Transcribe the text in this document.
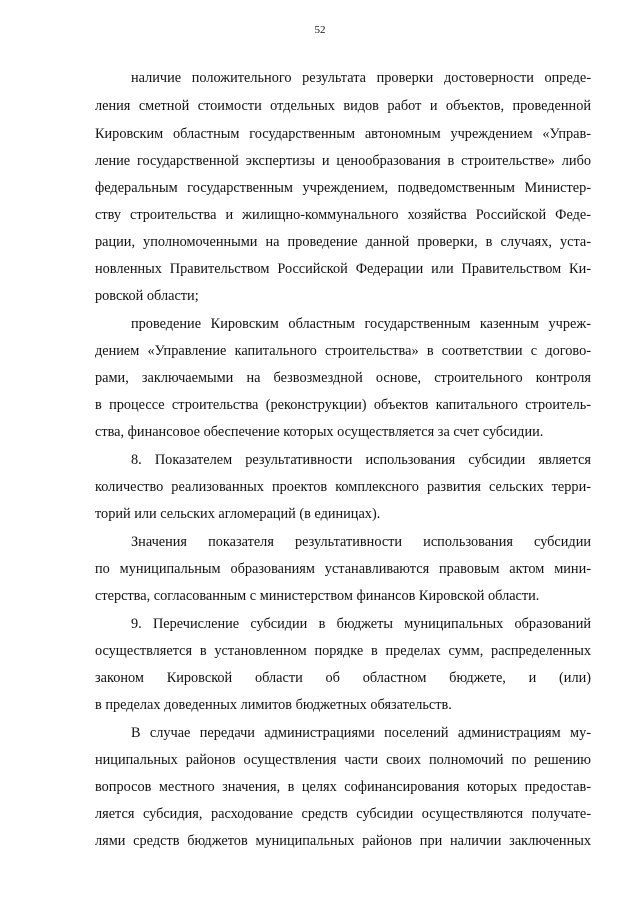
52
наличие положительного результата проверки достоверности опреде-
ления сметной стоимости отдельных видов работ и объектов, проведенной
Кировским областным государственным автономным учреждением «Управ-
ление государственной экспертизы и ценообразования в строительстве» либо
федеральным государственным учреждением, подведомственным Министер-
ству строительства и жилищно-коммунального хозяйства Российской Феде-
рации, уполномоченными на проведение данной проверки, в случаях, уста-
новленных Правительством Российской Федерации или Правительством Ки-
ровской области;
проведение Кировским областным государственным казенным учреж-
дением «Управление капитального строительства» в соответствии с догово-
рами, заключаемыми на безвозмездной основе, строительного контроля
в процессе строительства (реконструкции) объектов капитального строитель-
ства, финансовое обеспечение которых осуществляется за счет субсидии.
8. Показателем результативности использования субсидии является
количество реализованных проектов комплексного развития сельских терри-
торий или сельских агломераций (в единицах).
Значения показателя результативности использования субсидии
по муниципальным образованиям устанавливаются правовым актом мини-
стерства, согласованным с министерством финансов Кировской области.
9. Перечисление субсидии в бюджеты муниципальных образований
осуществляется в установленном порядке в пределах сумм, распределенных
законом Кировской области об областном бюджете, и (или)
в пределах доведенных лимитов бюджетных обязательств.
В случае передачи администрациями поселений администрациям му-
ниципальных районов осуществления части своих полномочий по решению
вопросов местного значения, в целях софинансирования которых предостав-
ляется субсидия, расходование средств субсидии осуществляются получате-
лями средств бюджетов муниципальных районов при наличии заключенных
